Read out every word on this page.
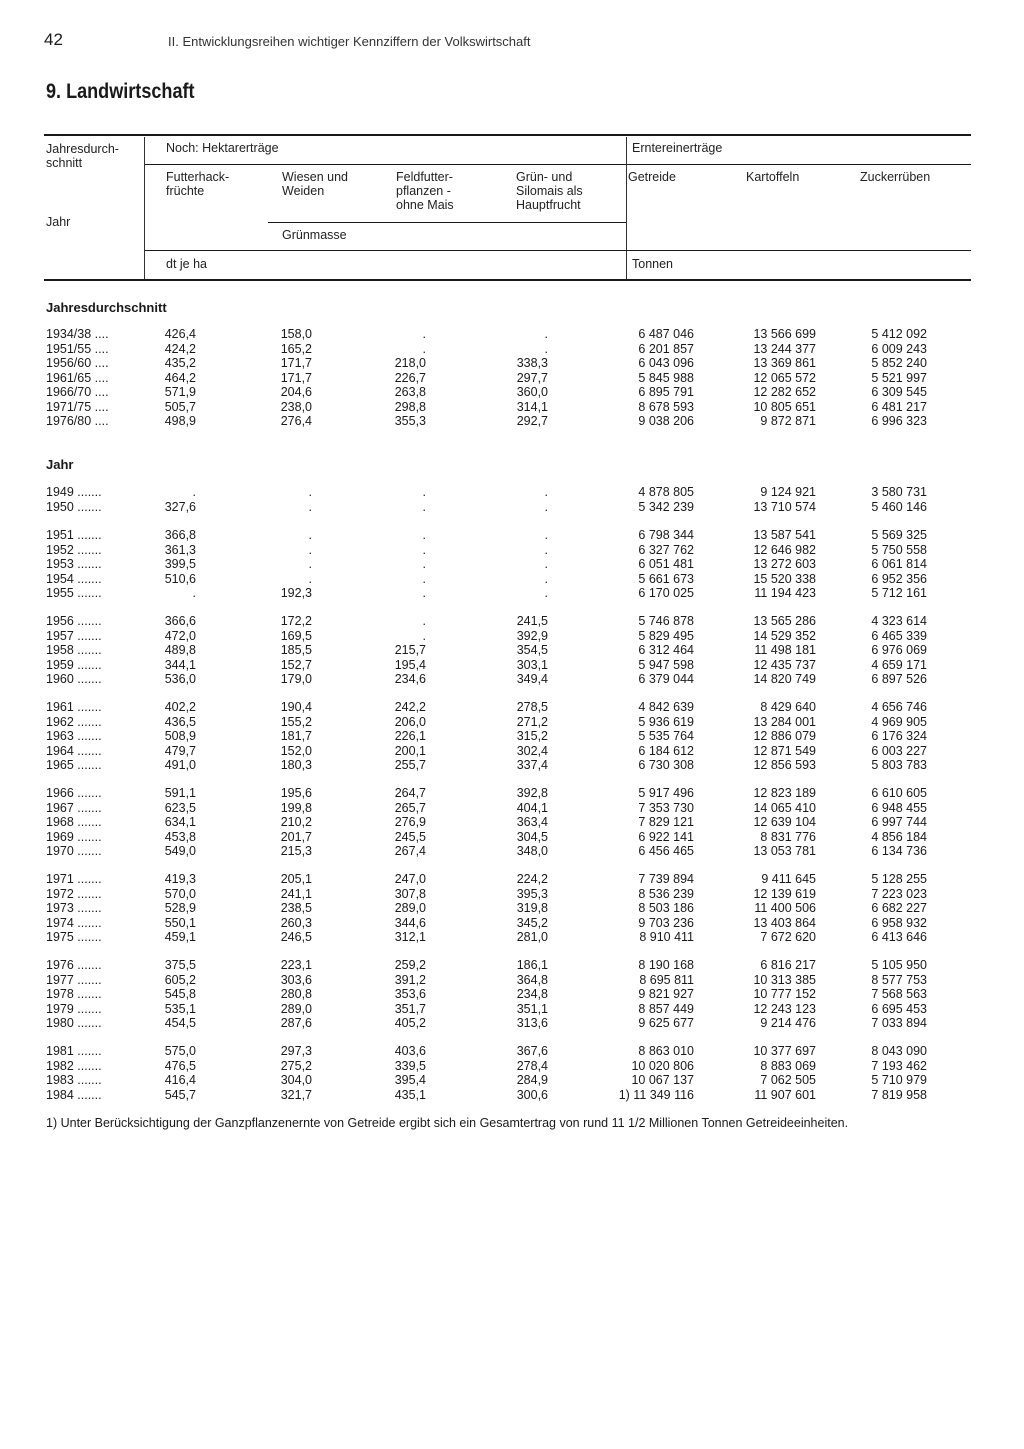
42	II. Entwicklungsreihen wichtiger Kennziffern der Volkswirtschaft
9. Landwirtschaft
Jahresdurch-
schnitt
Jahr
Noch: Hektarerträge	Erntereinerträge
Futterhack-
früchte
Wiesen und
Weiden
Feldfutter-
pflanzen -
ohne Mais
Grün- und
Silomais als
Hauptfrucht
Getreide	Kartoffeln	Zuckerrüben
Grünmasse
dt je ha	Tonnen
Jahresdurchschnitt
Jahr
1934/38 ....	426,4	158,0	.	.	6 487 046	13 566 699	5 412 092
1951/55 ....	424,2	165,2	.	.	6 201 857	13 244 377	6 009 243
1956/60 ....	435,2	171,7	218,0	338,3	6 043 096	13 369 861	5 852 240
1961/65 ....	464,2	171,7	226,7	297,7	5 845 988	12 065 572	5 521 997
1966/70 ....	571,9	204,6	263,8	360,0	6 895 791	12 282 652	6 309 545
1971/75 ....	505,7	238,0	298,8	314,1	8 678 593	10 805 651	6 481 217
1976/80 ....	498,9	276,4	355,3	292,7	9 038 206	9 872 871	6 996 323
1949 .......	.	.	.	.	4 878 805	9 124 921	3 580 731
1950 .......	327,6	.	.	.	5 342 239	13 710 574	5 460 146
1951 .......	366,8	.	.	.	6 798 344	13 587 541	5 569 325
1952 .......	361,3	.	.	.	6 327 762	12 646 982	5 750 558
1953 .......	399,5	.	.	.	6 051 481	13 272 603	6 061 814
1954 .......	510,6	.	.	.	5 661 673	15 520 338	6 952 356
1955 .......	.	192,3	.	.	6 170 025	11 194 423	5 712 161
1956 .......	366,6	172,2	.	241,5	5 746 878	13 565 286	4 323 614
1957 .......	472,0	169,5	.	392,9	5 829 495	14 529 352	6 465 339
1958 .......	489,8	185,5	215,7	354,5	6 312 464	11 498 181	6 976 069
1959 .......	344,1	152,7	195,4	303,1	5 947 598	12 435 737	4 659 171
1960 .......	536,0	179,0	234,6	349,4	6 379 044	14 820 749	6 897 526
1961 .......	402,2	190,4	242,2	278,5	4 842 639	8 429 640	4 656 746
1962 .......	436,5	155,2	206,0	271,2	5 936 619	13 284 001	4 969 905
1963 .......	508,9	181,7	226,1	315,2	5 535 764	12 886 079	6 176 324
1964 .......	479,7	152,0	200,1	302,4	6 184 612	12 871 549	6 003 227
1965 .......	491,0	180,3	255,7	337,4	6 730 308	12 856 593	5 803 783
1966 .......	591,1	195,6	264,7	392,8	5 917 496	12 823 189	6 610 605
1967 .......	623,5	199,8	265,7	404,1	7 353 730	14 065 410	6 948 455
1968 .......	634,1	210,2	276,9	363,4	7 829 121	12 639 104	6 997 744
1969 .......	453,8	201,7	245,5	304,5	6 922 141	8 831 776	4 856 184
1970 .......	549,0	215,3	267,4	348,0	6 456 465	13 053 781	6 134 736
1971 .......	419,3	205,1	247,0	224,2	7 739 894	9 411 645	5 128 255
1972 .......	570,0	241,1	307,8	395,3	8 536 239	12 139 619	7 223 023
1973 .......	528,9	238,5	289,0	319,8	8 503 186	11 400 506	6 682 227
1974 .......	550,1	260,3	344,6	345,2	9 703 236	13 403 864	6 958 932
1975 .......	459,1	246,5	312,1	281,0	8 910 411	7 672 620	6 413 646
1976 .......	375,5	223,1	259,2	186,1	8 190 168	6 816 217	5 105 950
1977 .......	605,2	303,6	391,2	364,8	8 695 811	10 313 385	8 577 753
1978 .......	545,8	280,8	353,6	234,8	9 821 927	10 777 152	7 568 563
1979 .......	535,1	289,0	351,7	351,1	8 857 449	12 243 123	6 695 453
1980 .......	454,5	287,6	405,2	313,6	9 625 677	9 214 476	7 033 894
1981 .......	575,0	297,3	403,6	367,6	8 863 010	10 377 697	8 043 090
1982 .......	476,5	275,2	339,5	278,4	10 020 806	8 883 069	7 193 462
1983 .......	416,4	304,0	395,4	284,9	10 067 137	7 062 505	5 710 979
1984 .......	545,7	321,7	435,1	300,6	1) 11 349 116	11 907 601	7 819 958
1) Unter Berücksichtigung der Ganzpflanzenernte von Getreide ergibt sich ein Gesamtertrag von rund 11 1/2 Millionen Tonnen Getreideeinheiten.
